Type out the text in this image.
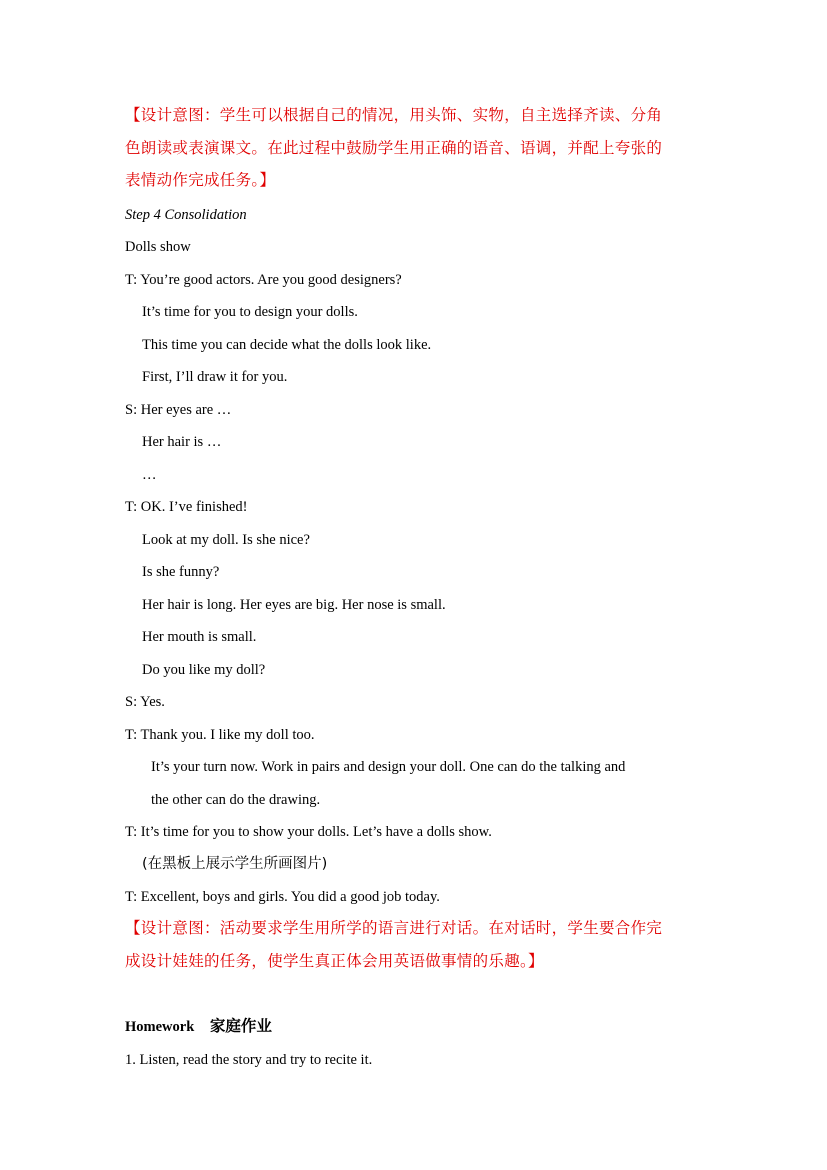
【设计意图：学生可以根据自己的情况，用头饰、实物，自主选择齐读、分角
色朗读或表演课文。在此过程中鼓励学生用正确的语音、语调，并配上夸张的
表情动作完成任务。】
Step 4 Consolidation
Dolls show
T: You’re good actors. Are you good designers?
It’s time for you to design your dolls.
This time you can decide what the dolls look like.
First, I’ll draw it for you.
S: Her eyes are …
Her hair is …
…
T: OK. I’ve finished!
Look at my doll. Is she nice?
Is she funny?
Her hair is long. Her eyes are big. Her nose is small.
Her mouth is small.
Do you like my doll?
S: Yes.
T: Thank you. I like my doll too.
It’s your turn now. Work in pairs and design your doll. One can do the talking and
the other can do the drawing.
T: It’s time for you to show your dolls. Let’s have a dolls show.
(在黑板上展示学生所画图片)
T: Excellent, boys and girls. You did a good job today.
【设计意图：活动要求学生用所学的语言进行对话。在对话时，学生要合作完
成设计娃娃的任务，使学生真正体会用英语做事情的乐趣。】
Homework 家庭作业
1. Listen, read the story and try to recite it.
